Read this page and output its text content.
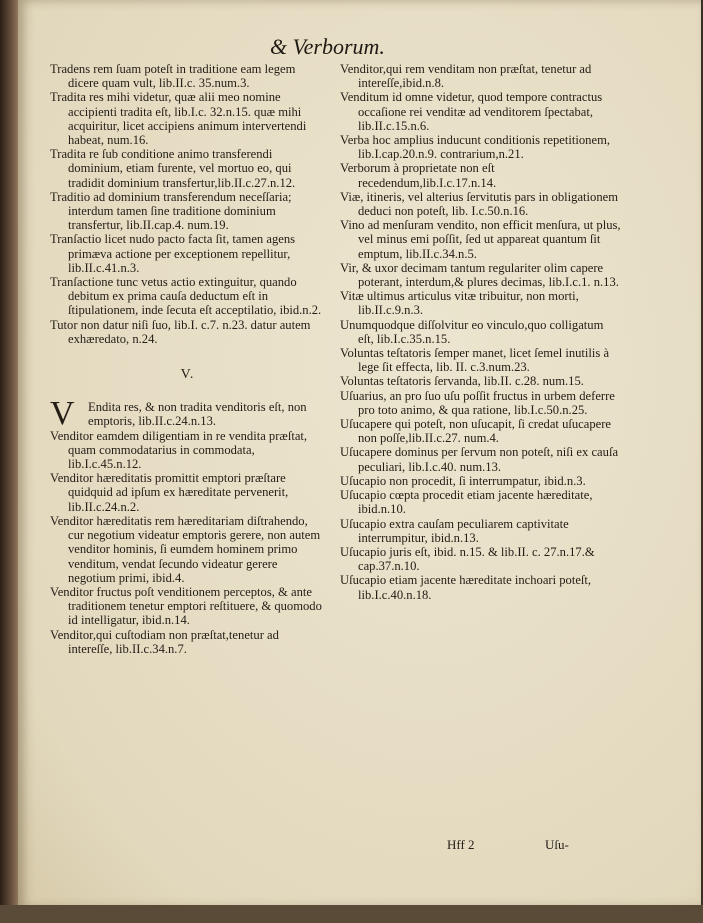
& Verborum.
Tradens rem ſuam poteſt in traditione eam legem dicere quam vult, lib.II.c. 35.num.3.
Tradita res mihi videtur, quæ alii meo nomine accipienti tradita eſt, lib.I.c. 32.n.15. quæ mihi acquiritur, licet accipiens animum intervertendi habeat, num.16.
Tradita re ſub conditione animo transferendi dominium, etiam furente, vel mortuo eo, qui tradidit dominium transfertur,lib.II.c.27.n.12.
Traditio ad dominium transferendum neceſſaria; interdum tamen ſine traditione dominium transfertur, lib.II.cap.4. num.19.
Tranſactio licet nudo pacto facta ſit, tamen agens primæva actione per exceptionem repellitur, lib.II.c.41.n.3.
Tranſactione tunc vetus actio extinguitur, quando debitum ex prima cauſa deductum eſt in ſtipulationem, inde ſecuta eſt acceptilatio, ibid.n.2.
Tutor non datur niſi ſuo, lib.I. c.7. n.23. datur autem exhæredato, n.24.
V.
V Endita res, & non tradita venditoris eſt, non emptoris, lib.II.c.24.n.13.
Venditor eamdem diligentiam in re vendita præſtat, quam commodatarius in commodata, lib.I.c.45.n.12.
Venditor hæreditatis promittit emptori præſtare quidquid ad ipſum ex hæreditate pervenerit, lib.II.c.24.n.2.
Venditor hæreditatis rem hæreditariam diſtrahendo, cur negotium videatur emptoris gerere, non autem venditor hominis, ſi eumdem hominem primo venditum, vendat ſecundo videatur gerere negotium primi, ibid.4.
Venditor fructus poſt venditionem perceptos, & ante traditionem tenetur emptori reſtituere, & quomodo id intelligatur, ibid.n.14.
Venditor,qui cuſtodiam non præſtat,tenetur ad intereſſe, lib.II.c.34.n.7.
Venditor,qui rem venditam non præſtat, tenetur ad intereſſe,ibid.n.8.
Venditum id omne videtur, quod tempore contractus occaſione rei venditæ ad venditorem ſpectabat, lib.II.c.15.n.6.
Verba hoc amplius inducunt conditionis repetitionem, lib.I.cap.20.n.9. contrarium,n.21.
Verborum à proprietate non eſt recedendum,lib.I.c.17.n.14.
Viæ, itineris, vel alterius ſervitutis pars in obligationem deduci non poteſt, lib. I.c.50.n.16.
Vino ad menſuram vendito, non efficit menſura, ut plus, vel minus emi poſſit, ſed ut appareat quantum ſit emptum, lib.II.c.34.n.5.
Vir, & uxor decimam tantum regulariter olim capere poterant, interdum,& plures decimas, lib.I.c.1. n.13.
Vitæ ultimus articulus vitæ tribuitur, non morti, lib.II.c.9.n.3.
Unumquodque diſſolvitur eo vinculo,quo colligatum eſt, lib.I.c.35.n.15.
Voluntas teſtatoris ſemper manet, licet ſemel inutilis à lege ſit effecta, lib. II. c.3.num.23.
Voluntas teſtatoris ſervanda, lib.II. c.28. num.15.
Uſuarius, an pro ſuo uſu poſſit fructus in urbem deferre pro toto animo, & qua ratione, lib.I.c.50.n.25.
Uſucapere qui poteſt, non uſucapit, ſi credat uſucapere non poſſe,lib.II.c.27. num.4.
Uſucapere dominus per ſervum non poteſt, niſi ex cauſa peculiari, lib.I.c.40. num.13.
Uſucapio non procedit, ſi interrumpatur, ibid.n.3.
Uſucapio cœpta procedit etiam jacente hæreditate, ibid.n.10.
Uſucapio extra cauſam peculiarem captivitate interrumpitur, ibid.n.13.
Uſucapio juris eſt, ibid. n.15. & lib.II. c. 27.n.17.& cap.37.n.10.
Uſucapio etiam jacente hæreditate inchoari poteſt, lib.I.c.40.n.18.
Hff 2	Uſu-
